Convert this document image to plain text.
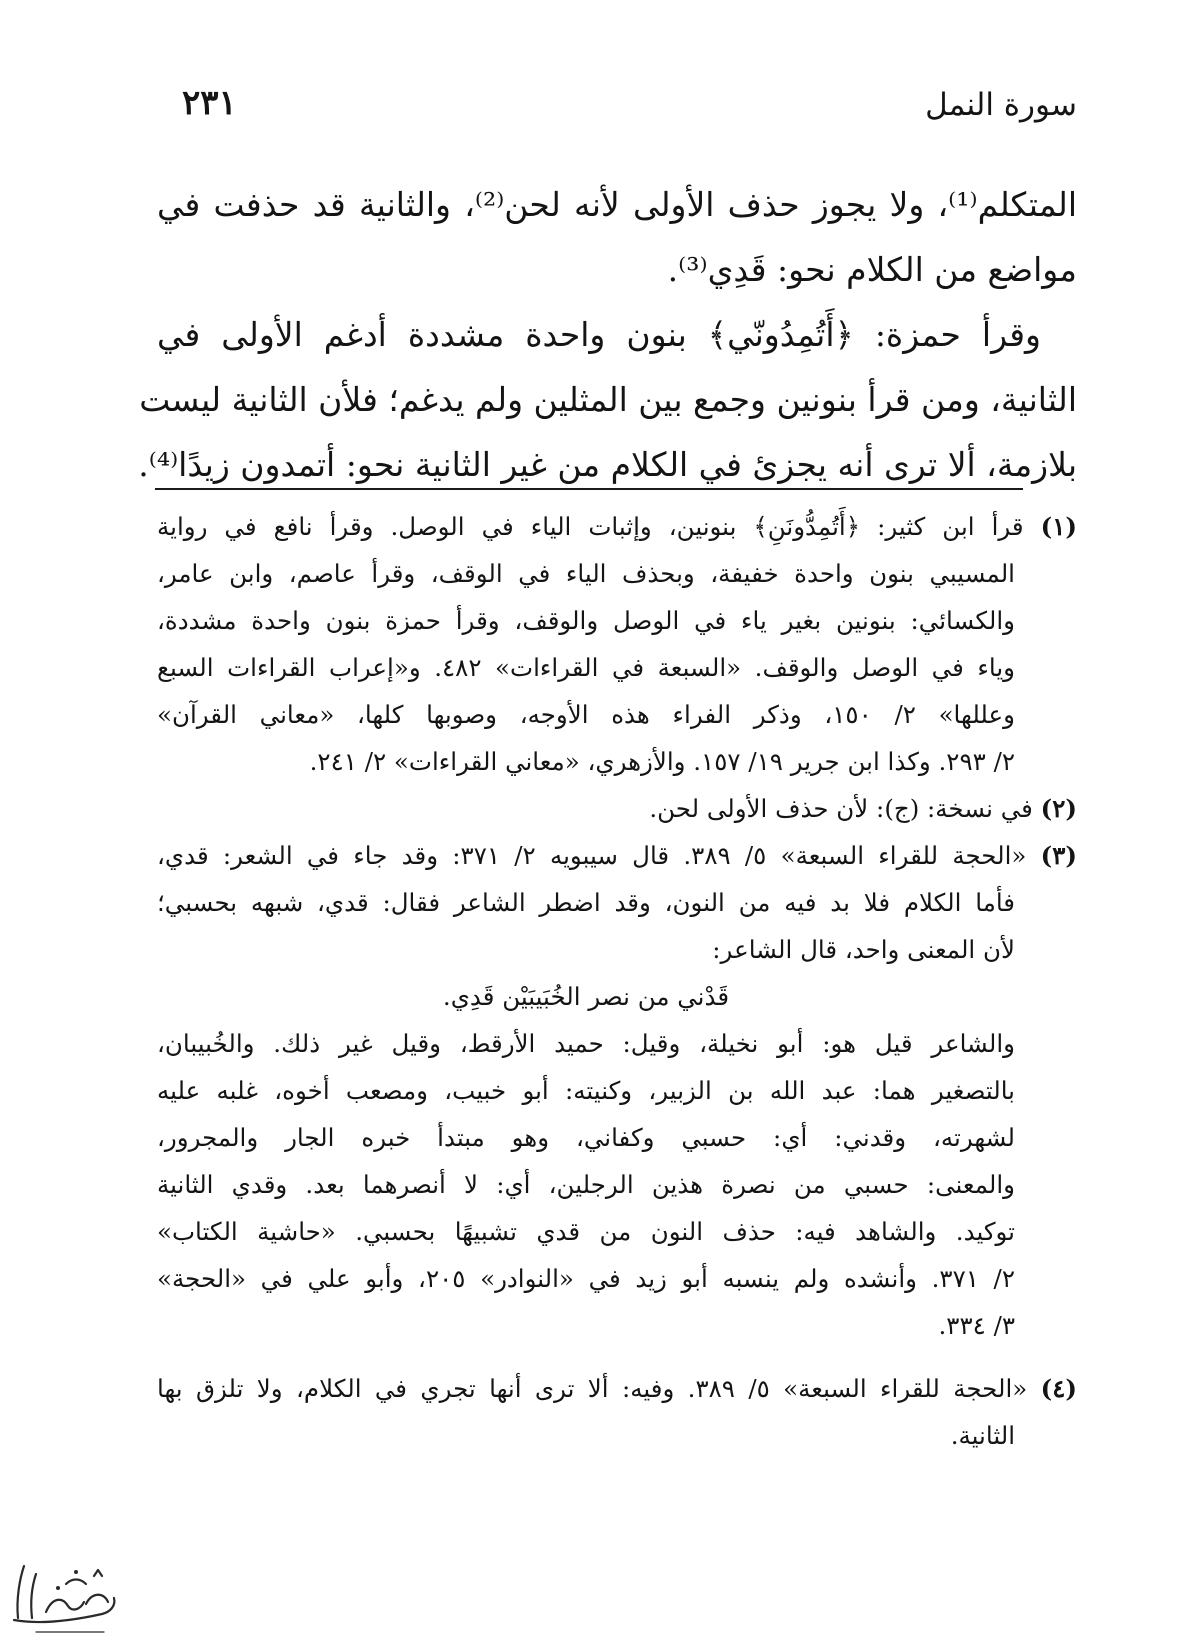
سورة النمل
٢٣١
المتكلم⁽¹⁾، ولا يجوز حذف الأولى لأنه لحن⁽²⁾، والثانية قد حذفت في
مواضع من الكلام نحو: قَدِي⁽³⁾.
وقرأ حمزة: ﴿أَتُمِدُونّي﴾ بنون واحدة مشددة أدغم الأولى في
الثانية، ومن قرأ بنونين وجمع بين المثلين ولم يدغم؛ فلأن الثانية ليست
بلازمة، ألا ترى أنه يجزئ في الكلام من غير الثانية نحو: أتمدون زيدًا⁽⁴⁾.
(١) قرأ ابن كثير: ﴿أَتُمِدُّونَنِ﴾ بنونين، وإثبات الياء في الوصل. وقرأ نافع في رواية
المسيبي بنون واحدة خفيفة، وبحذف الياء في الوقف، وقرأ عاصم، وابن عامر،
والكسائي: بنونين بغير ياء في الوصل والوقف، وقرأ حمزة بنون واحدة مشددة،
وياء في الوصل والوقف. «السبعة في القراءات» ٤٨٢. و«إعراب القراءات السبع
وعللها» ٢/ ١٥٠، وذكر الفراء هذه الأوجه، وصوبها كلها، «معاني القرآن»
٢/ ٢٩٣. وكذا ابن جرير ١٩/ ١٥٧. والأزهري، «معاني القراءات» ٢/ ٢٤١.
(٢) في نسخة: (ج): لأن حذف الأولى لحن.
(٣) «الحجة للقراء السبعة» ٥/ ٣٨٩. قال سيبويه ٢/ ٣٧١: وقد جاء في الشعر: قدي،
فأما الكلام فلا بد فيه من النون، وقد اضطر الشاعر فقال: قدي، شبهه بحسبي؛
لأن المعنى واحد، قال الشاعر:
قَدْني من نصر الخُبَيبَيْن قَدِي.
والشاعر قيل هو: أبو نخيلة، وقيل: حميد الأرقط، وقيل غير ذلك. والخُبيبان،
بالتصغير هما: عبد الله بن الزبير، وكنيته: أبو خبيب، ومصعب أخوه، غلبه عليه
لشهرته، وقدني: أي: حسبي وكفاني، وهو مبتدأ خبره الجار والمجرور،
والمعنى: حسبي من نصرة هذين الرجلين، أي: لا أنصرهما بعد. وقدي الثانية
توكيد. والشاهد فيه: حذف النون من قدي تشبيهًا بحسبي. «حاشية الكتاب»
٢/ ٣٧١. وأنشده ولم ينسبه أبو زيد في «النوادر» ٢٠٥، وأبو علي في «الحجة»
٣/ ٣٣٤.
(٤) «الحجة للقراء السبعة» ٥/ ٣٨٩. وفيه: ألا ترى أنها تجري في الكلام، ولا تلزق بها
الثانية.
